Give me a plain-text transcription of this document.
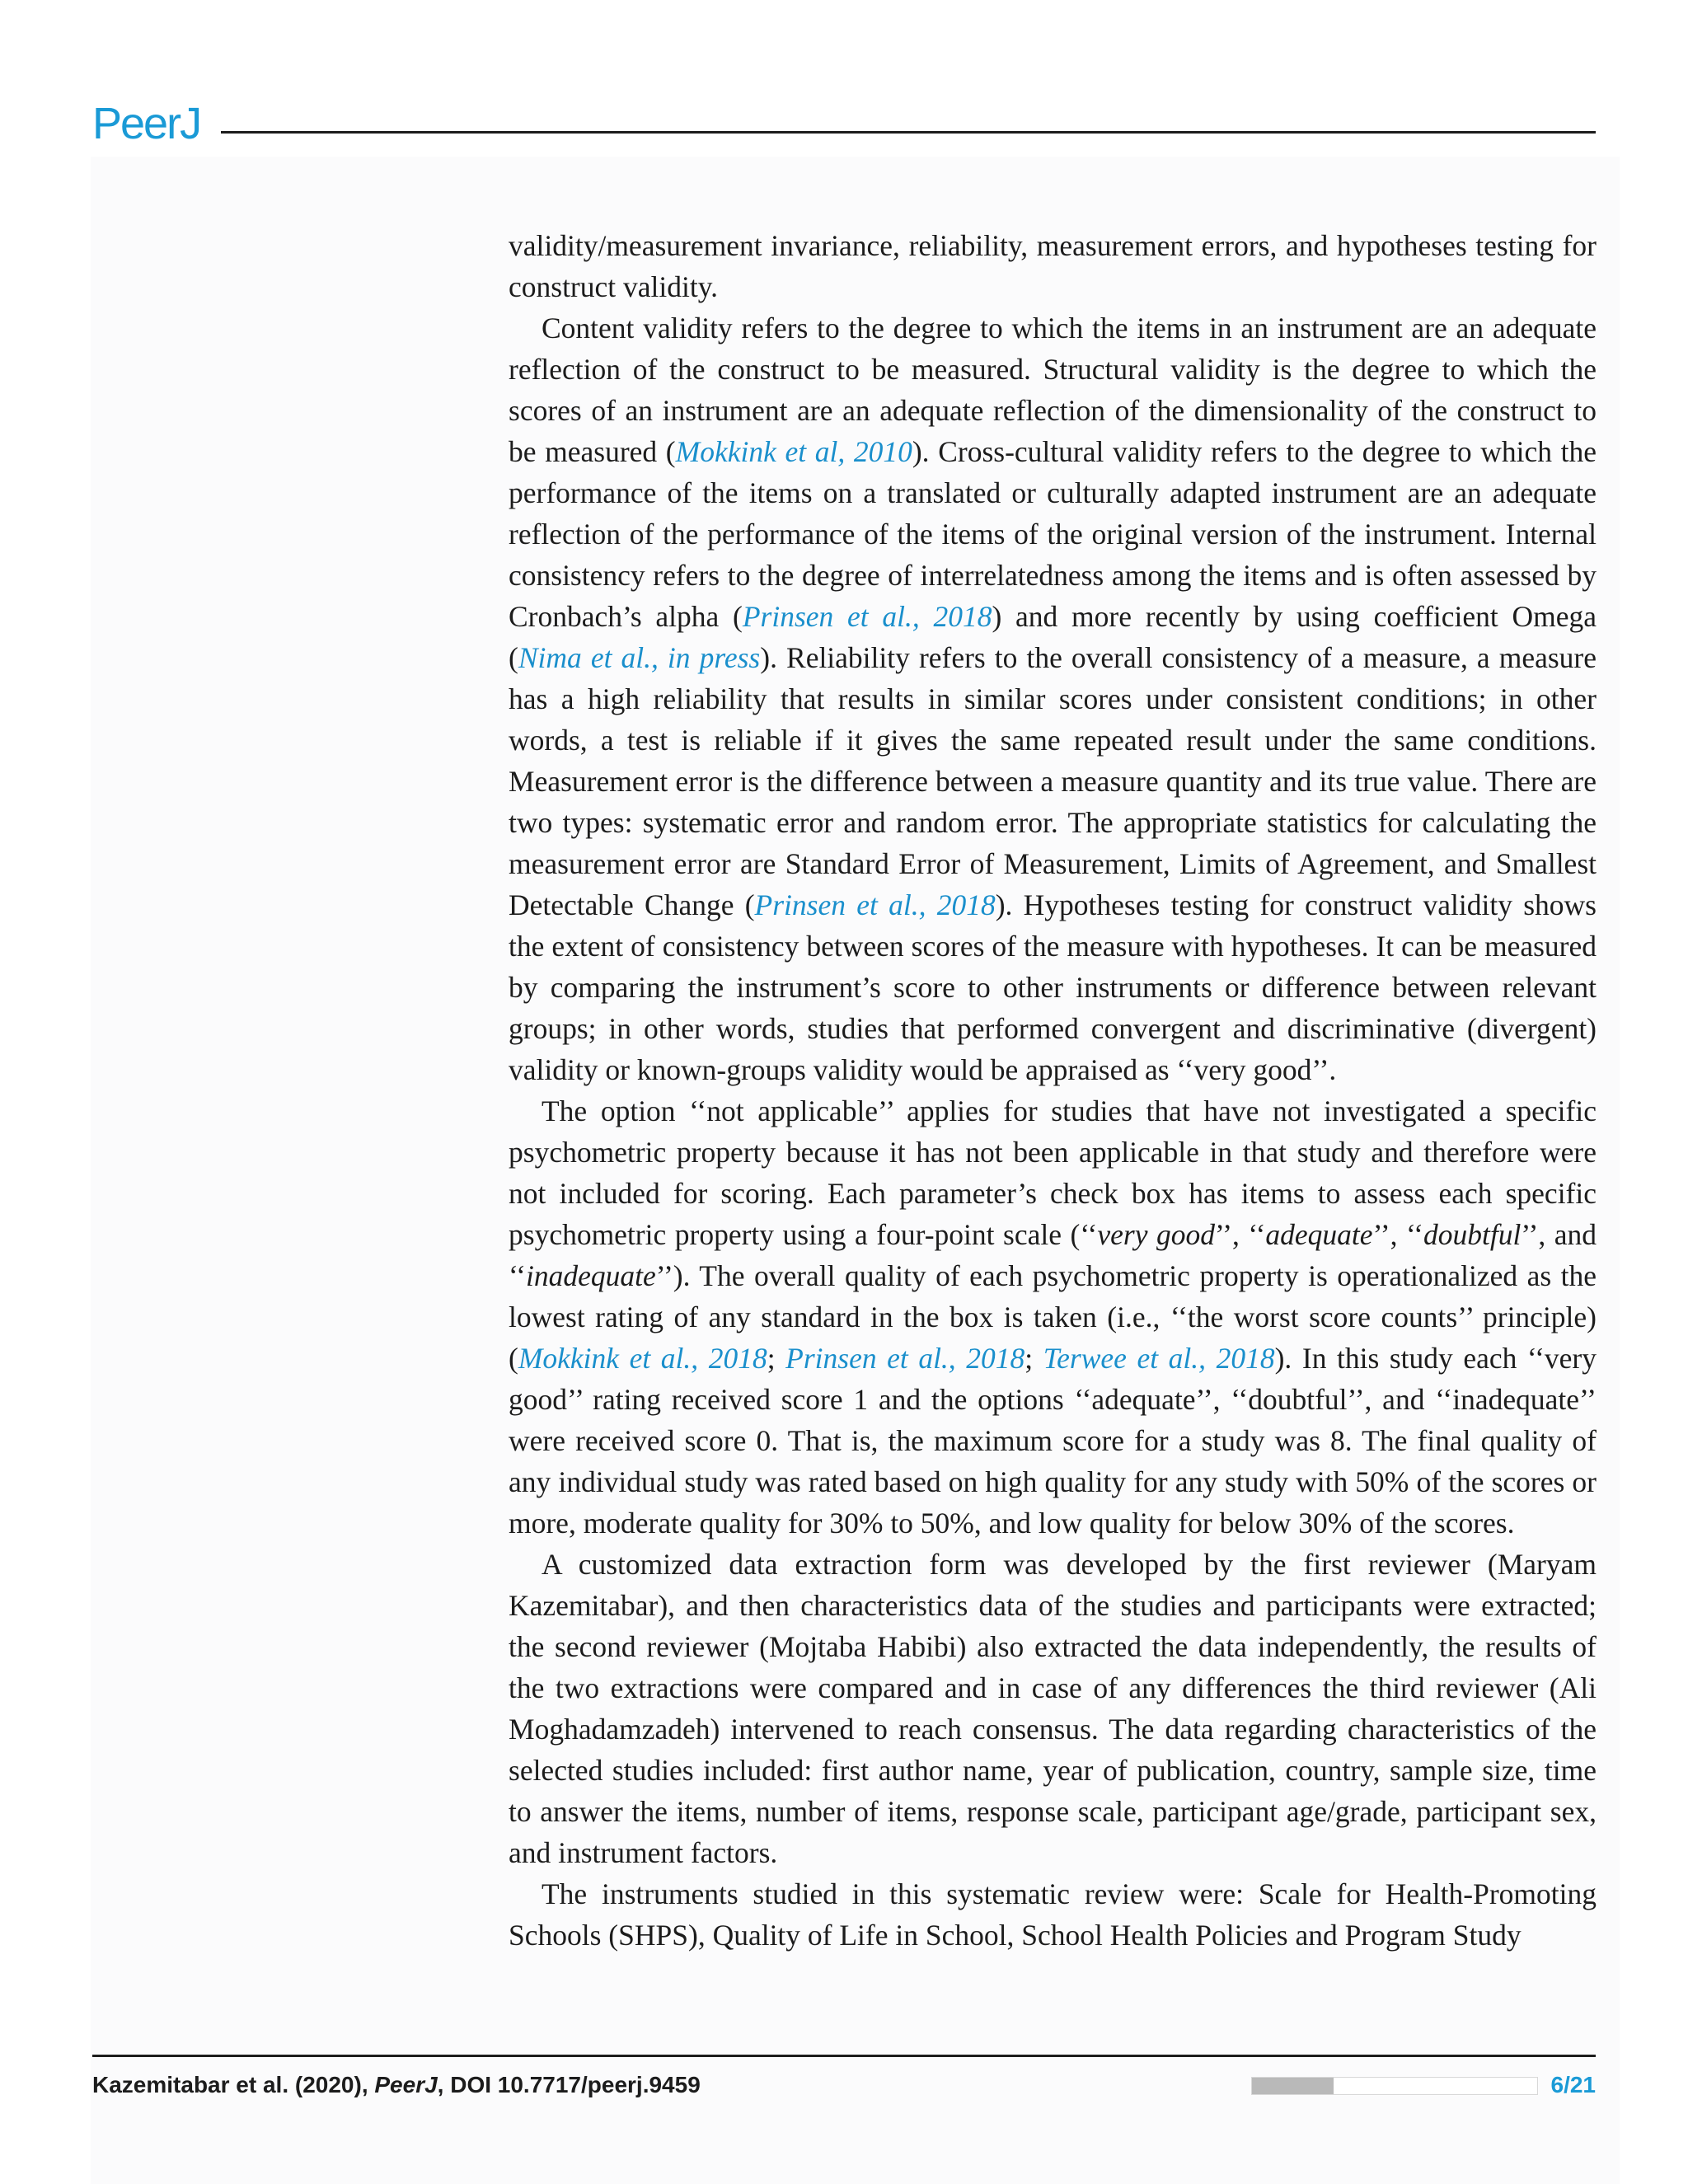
PeerJ

validity/measurement invariance, reliability, measurement errors, and hypotheses testing for construct validity.

Content validity refers to the degree to which the items in an instrument are an adequate reflection of the construct to be measured. Structural validity is the degree to which the scores of an instrument are an adequate reflection of the dimensionality of the construct to be measured (Mokkink et al, 2010). Cross-cultural validity refers to the degree to which the performance of the items on a translated or culturally adapted instrument are an adequate reflection of the performance of the items of the original version of the instrument. Internal consistency refers to the degree of interrelatedness among the items and is often assessed by Cronbach’s alpha (Prinsen et al., 2018) and more recently by using coefficient Omega (Nima et al., in press). Reliability refers to the overall consistency of a measure, a measure has a high reliability that results in similar scores under consistent conditions; in other words, a test is reliable if it gives the same repeated result under the same conditions. Measurement error is the difference between a measure quantity and its true value. There are two types: systematic error and random error. The appropriate statistics for calculating the measurement error are Standard Error of Measurement, Limits of Agreement, and Smallest Detectable Change (Prinsen et al., 2018). Hypotheses testing for construct validity shows the extent of consistency between scores of the measure with hypotheses. It can be measured by comparing the instrument’s score to other instruments or difference between relevant groups; in other words, studies that performed convergent and discriminative (divergent) validity or known-groups validity would be appraised as ‘‘very good’’.

The option ‘‘not applicable’’ applies for studies that have not investigated a specific psychometric property because it has not been applicable in that study and therefore were not included for scoring. Each parameter’s check box has items to assess each specific psychometric property using a four-point scale (‘‘very good’’, ‘‘adequate’’, ‘‘doubtful’’, and ‘‘inadequate’’). The overall quality of each psychometric property is operationalized as the lowest rating of any standard in the box is taken (i.e., ‘‘the worst score counts’’ principle) (Mokkink et al., 2018; Prinsen et al., 2018; Terwee et al., 2018). In this study each ‘‘very good’’ rating received score 1 and the options ‘‘adequate’’, ‘‘doubtful’’, and ‘‘inadequate’’ were received score 0. That is, the maximum score for a study was 8. The final quality of any individual study was rated based on high quality for any study with 50% of the scores or more, moderate quality for 30% to 50%, and low quality for below 30% of the scores.

A customized data extraction form was developed by the first reviewer (Maryam Kazemitabar), and then characteristics data of the studies and participants were extracted; the second reviewer (Mojtaba Habibi) also extracted the data independently, the results of the two extractions were compared and in case of any differences the third reviewer (Ali Moghadamzadeh) intervened to reach consensus. The data regarding characteristics of the selected studies included: first author name, year of publication, country, sample size, time to answer the items, number of items, response scale, participant age/grade, participant sex, and instrument factors.

The instruments studied in this systematic review were: Scale for Health-Promoting Schools (SHPS), Quality of Life in School, School Health Policies and Program Study

Kazemitabar et al. (2020), PeerJ, DOI 10.7717/peerj.9459	6/21
